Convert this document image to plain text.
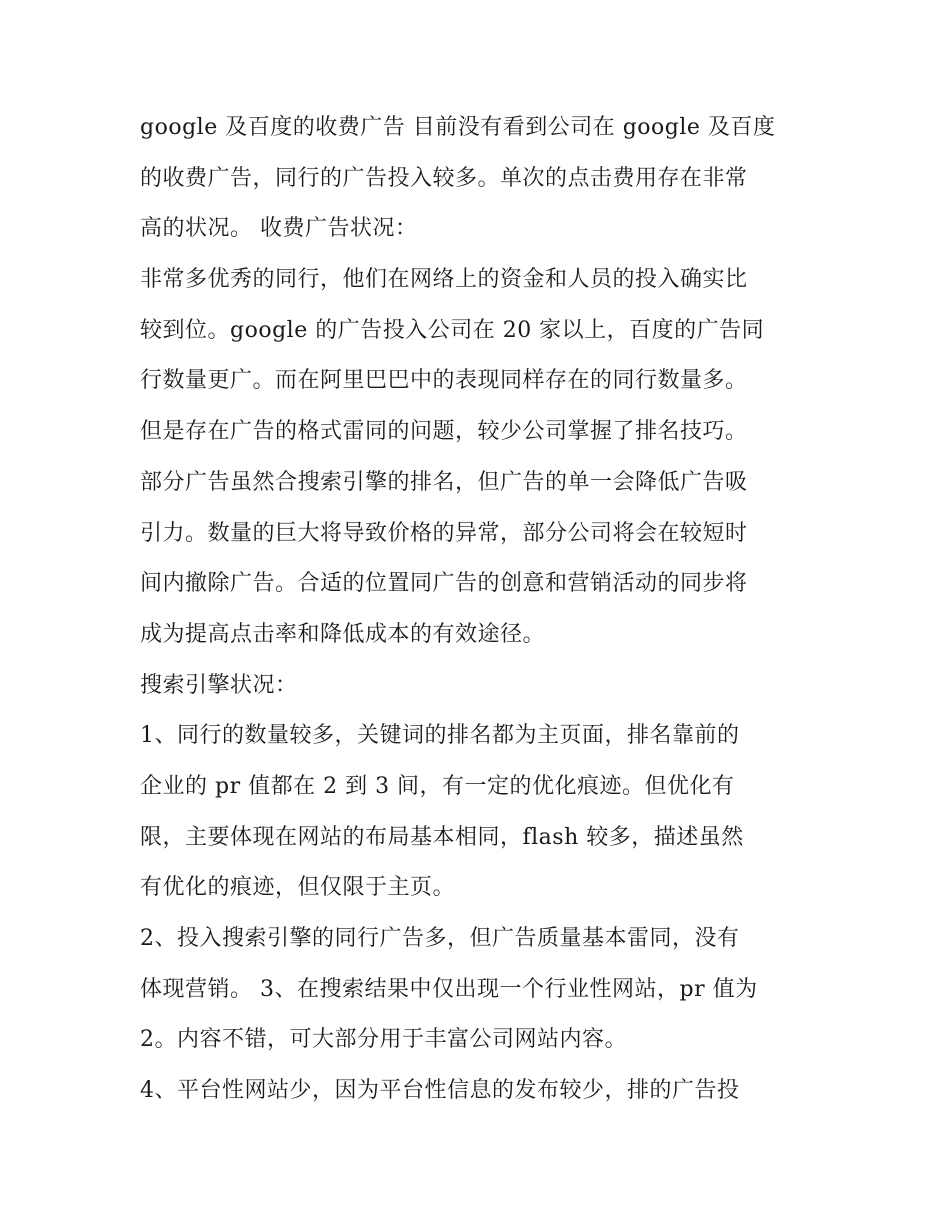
google 及百度的收费广告 目前没有看到公司在 google 及百度
的收费广告，同行的广告投入较多。单次的点击费用存在非常
高的状况。 收费广告状况：
非常多优秀的同行，他们在网络上的资金和人员的投入确实比
较到位。google 的广告投入公司在 20 家以上，百度的广告同
行数量更广。而在阿里巴巴中的表现同样存在的同行数量多。
但是存在广告的格式雷同的问题，较少公司掌握了排名技巧。
部分广告虽然合搜索引擎的排名，但广告的单一会降低广告吸
引力。数量的巨大将导致价格的异常，部分公司将会在较短时
间内撤除广告。合适的位置同广告的创意和营销活动的同步将
成为提高点击率和降低成本的有效途径。
搜索引擎状况：
1、同行的数量较多，关键词的排名都为主页面，排名靠前的
企业的 pr 值都在 2 到 3 间，有一定的优化痕迹。但优化有
限，主要体现在网站的布局基本相同，flash 较多，描述虽然
有优化的痕迹，但仅限于主页。
2、投入搜索引擎的同行广告多，但广告质量基本雷同，没有
体现营销。 3、在搜索结果中仅出现一个行业性网站，pr 值为
2。内容不错，可大部分用于丰富公司网站内容。
4、平台性网站少，因为平台性信息的发布较少，排的广告投
